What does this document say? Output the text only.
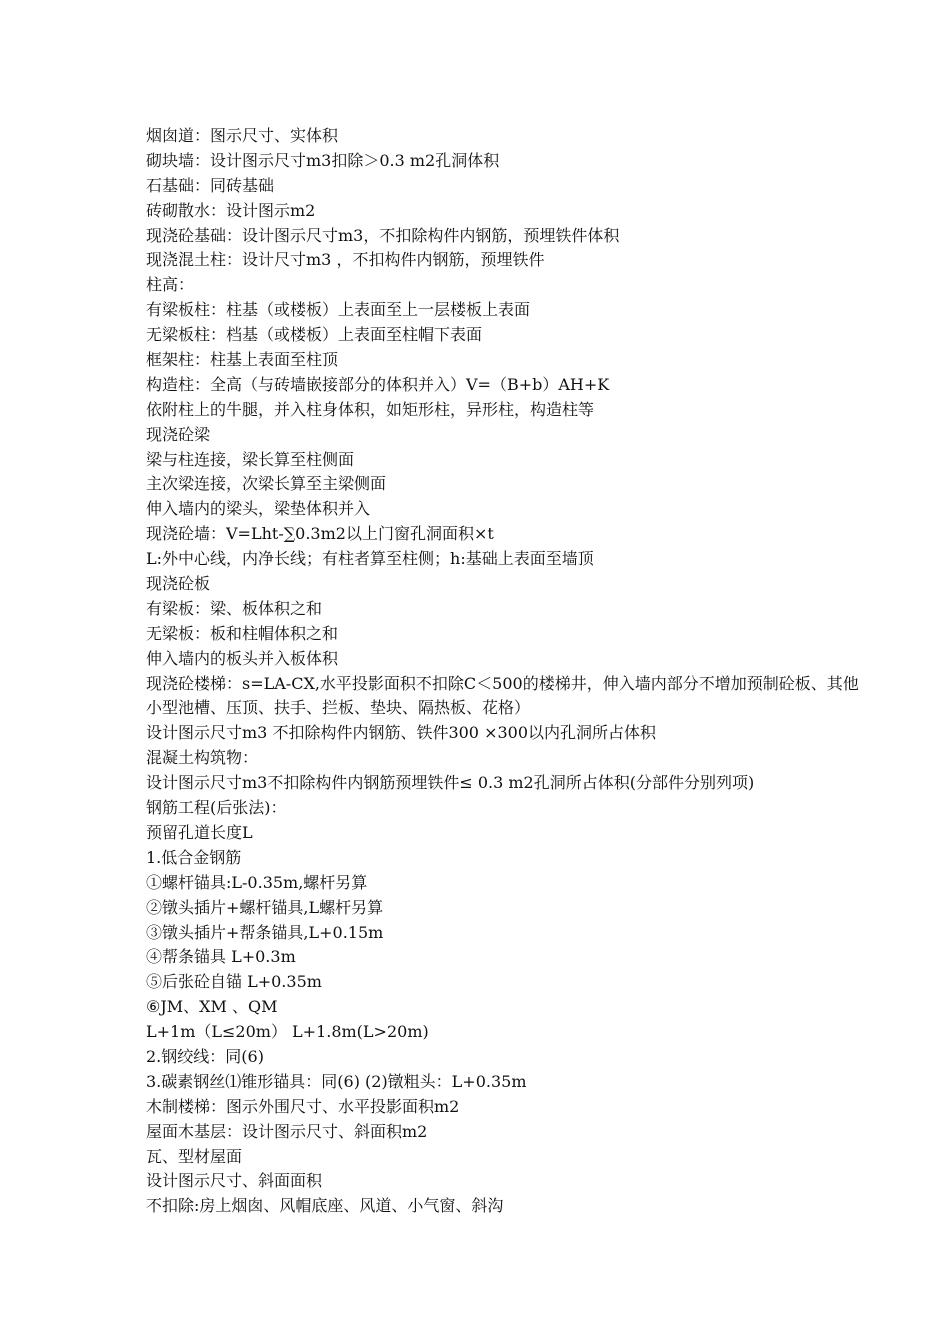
烟囱道：图示尺寸、实体积
砌块墙：设计图示尺寸m3扣除＞0.3 m2孔洞体积
石基础：同砖基础
砖砌散水：设计图示m2
现浇砼基础：设计图示尺寸m3，不扣除构件内钢筋，预埋铁件体积
现浇混土柱：设计尺寸m3 ，不扣构件内钢筋，预埋铁件
柱高：
有梁板柱：柱基（或楼板）上表面至上一层楼板上表面
无梁板柱：档基（或楼板）上表面至柱帽下表面
框架柱：柱基上表面至柱顶
构造柱：全高（与砖墙嵌接部分的体积并入）V=（B+b）AH+K
依附柱上的牛腿，并入柱身体积，如矩形柱，异形柱，构造柱等
现浇砼梁
梁与柱连接，梁长算至柱侧面
主次梁连接，次梁长算至主梁侧面
伸入墙内的梁头，梁垫体积并入
现浇砼墙：V=Lht-∑0.3m2以上门窗孔洞面积×t
L:外中心线，内净长线；有柱者算至柱侧；h:基础上表面至墙顶
现浇砼板
有梁板：梁、板体积之和
无梁板：板和柱帽体积之和
伸入墙内的板头并入板体积
现浇砼楼梯：s=LA-CX,水平投影面积不扣除C＜500的楼梯井，伸入墙内部分不增加预制砼板、其他
小型池槽、压顶、扶手、拦板、垫块、隔热板、花格）
设计图示尺寸m3 不扣除构件内钢筋、铁件300 ×300以内孔洞所占体积
混凝土构筑物：
设计图示尺寸m3不扣除构件内钢筋预埋铁件≤ 0.3 m2孔洞所占体积(分部件分别列项)
钢筋工程(后张法)：
预留孔道长度L
1.低合金钢筋
①螺杆锚具:L-0.35m,螺杆另算
②镦头插片+螺杆锚具,L螺杆另算
③镦头插片+帮条锚具,L+0.15m
④帮条锚具 L+0.3m
⑤后张砼自锚 L+0.35m
⑥JM、XM 、QM
L+1m（L≤20m） L+1.8m(L>20m)
2.钢绞线：同(6)
3.碳素钢丝⑴锥形锚具：同(6) (2)镦粗头：L+0.35m
木制楼梯：图示外围尺寸、水平投影面积m2
屋面木基层：设计图示尺寸、斜面积m2
瓦、型材屋面
设计图示尺寸、斜面面积
不扣除:房上烟囱、风帽底座、风道、小气窗、斜沟
